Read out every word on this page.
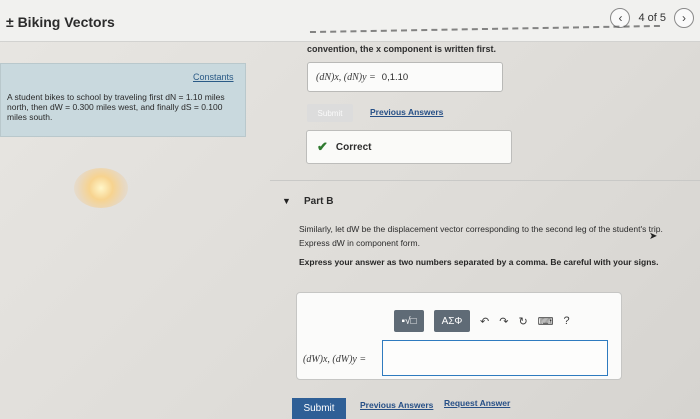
± Biking Vectors	‹	4 of 5	›
Constants
A student bikes to school by traveling first dN = 1.10 miles north, then dW = 0.300 miles west, and finally dS = 0.100 miles south.
convention, the x component is written first.
(dN)x, (dN)y = 0,1.10
Submit	Previous Answers
✔ Correct
▼ Part B
Similarly, let dW be the displacement vector corresponding to the second leg of the student's trip. Express dW in component form.
➤
Express your answer as two numbers separated by a comma. Be careful with your signs.
▪√□	ΑΣΦ	↶ ↷ ↻ ⌨ ?
(dW)x, (dW)y =
Submit	Previous Answers Request Answer
